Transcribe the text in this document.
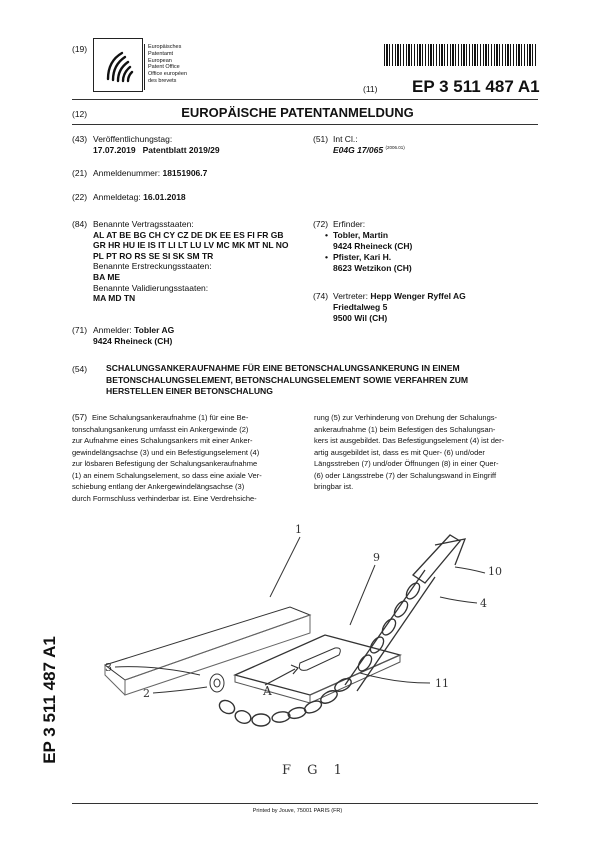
(19)	Europäisches
Patentamt
European
Patent Office
Office européen
des brevets
(11) EP 3 511 487 A1
(12)	EUROPÄISCHE PATENTANMELDUNG
(43) Veröffentlichungstag:
17.07.2019   Patentblatt 2019/29
(21) Anmeldenummer: 18151906.7
(22) Anmeldetag: 16.01.2018
(84) Benannte Vertragsstaaten:
AL AT BE BG CH CY CZ DE DK EE ES FI FR GB
GR HR HU IE IS IT LI LT LU LV MC MK MT NL NO
PL PT RO RS SE SI SK SM TR
Benannte Erstreckungsstaaten:
BA ME
Benannte Validierungsstaaten:
MA MD TN
(71) Anmelder: Tobler AG
9424 Rheineck (CH)
(51) Int Cl.:
E04G 17/065 $^{(2006.01)}$
(72) Erfinder:
• Tobler, Martin
9424 Rheineck (CH)
• Pfister, Kari H.
8623 Wetzikon (CH)
(74) Vertreter: Hepp Wenger Ryffel AG
Friedtalweg 5
9500 Wil (CH)
(54) SCHALUNGSANKERAUFNAHME FÜR EINE BETONSCHALUNGSANKERUNG IN EINEM
BETONSCHALUNGSELEMENT, BETONSCHALUNGSELEMENT SOWIE VERFAHREN ZUM
HERSTELLEN EINER BETONSCHALUNG
(57) Eine Schalungsankeraufnahme (1) für eine Be-
tonschalungsankerung umfasst ein Ankergewinde (2)
zur Aufnahme eines Schalungsankers mit einer Anker-
gewindelängsachse (3) und ein Befestigungselement (4)
zur lösbaren Befestigung der Schalungsankeraufnahme
(1) an einem Schalungselement, so dass eine axiale Ver-
schiebung entlang der Ankergewindelängsachse (3)
durch Formschluss verhinderbar ist. Eine Verdrehsiche-
rung (5) zur Verhinderung von Drehung der Schalungs-
ankeraufnahme (1) beim Befestigen des Schalungsan-
kers ist ausgebildet. Das Befestigungselement (4) ist der-
artig ausgebildet ist, dass es mit Quer- (6) und/oder
Längsstreben (7) und/oder Öffnungen (8) in einer Quer-
(6) oder Längsstrebe (7) der Schalungswand in Eingriff
bringbar ist.
1
9
10
4
3
2	A
11
F G 1
EP 3 511 487 A1
Printed by Jouve, 75001 PARIS (FR)
